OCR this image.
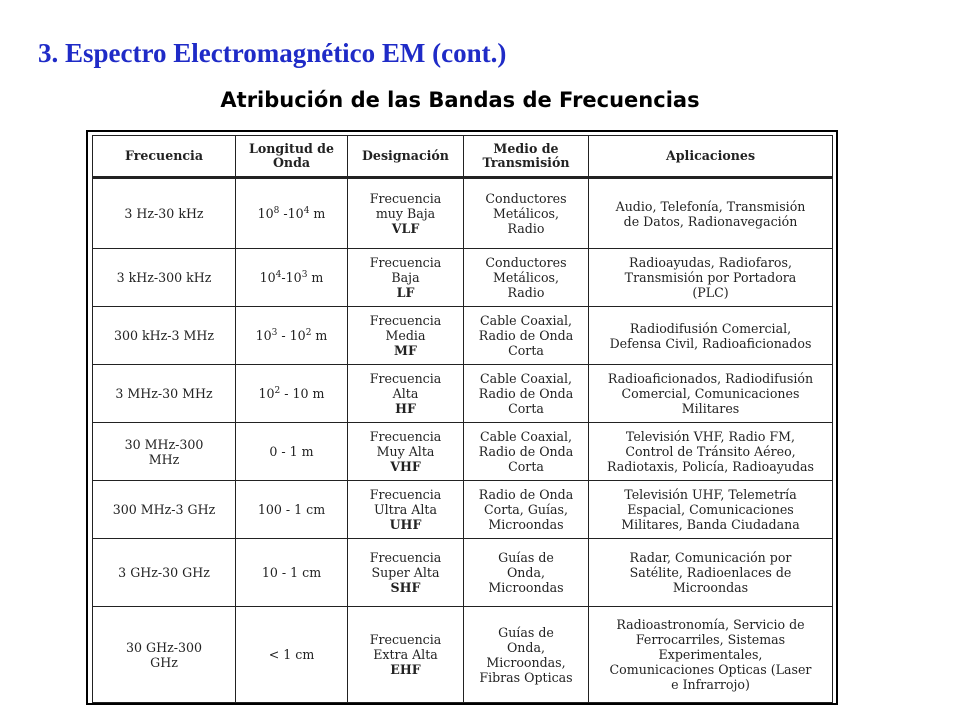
3. Espectro Electromagnético EM (cont.)
Atribución de las Bandas de Frecuencias
Frecuencia	Longitud de Onda	Designación	Medio de Transmisión	Aplicaciones
3 Hz-30 kHz	$10^8$ $-10^4$ m	Frecuencia
muy Baja
VLF	Conductores
Metálicos,
Radio	Audio, Telefonía, Transmisión
de Datos, Radionavegación

3 kHz-300 kHz	$10^4-10^3$ m	Frecuencia
Baja
LF	Conductores
Metálicos,
Radio	Radioayudas, Radiofaros,
Transmisión por Portadora
(PLC)

300 kHz-3 MHz	$10^3 - 10^2$ m	Frecuencia
Media
MF	Cable Coaxial,
Radio de Onda
Corta	Radiodifusión Comercial,
Defensa Civil, Radioaficionados

3 MHz-30 MHz	$10^2 - 10$ m	Frecuencia
Alta
HF	Cable Coaxial,
Radio de Onda
Corta	Radioaficionados, Radiodifusión
Comercial, Comunicaciones
Militares

30 MHz-300
MHz	0 - 1 m	Frecuencia
Muy Alta
VHF	Cable Coaxial,
Radio de Onda
Corta	Televisión VHF, Radio FM,
Control de Tránsito Aéreo,
Radiotaxis, Policía, Radioayudas

300 MHz-3 GHz	100 - 1 cm	Frecuencia
Ultra Alta
UHF	Radio de Onda
Corta, Guías,
Microondas	Televisión UHF, Telemetría
Espacial, Comunicaciones
Militares, Banda Ciudadana

3 GHz-30 GHz	10 - 1 cm	Frecuencia
Super Alta
SHF	Guías de
Onda,
Microondas	Radar, Comunicación por
Satélite, Radioenlaces de
Microondas

30 GHz-300
GHz	< 1 cm	Frecuencia
Extra Alta
EHF	Guías de
Onda,
Microondas,
Fibras Opticas	Radioastronomía, Servicio de
Ferrocarriles, Sistemas
Experimentales,
Comunicaciones Opticas (Laser
e Infrarrojo)
